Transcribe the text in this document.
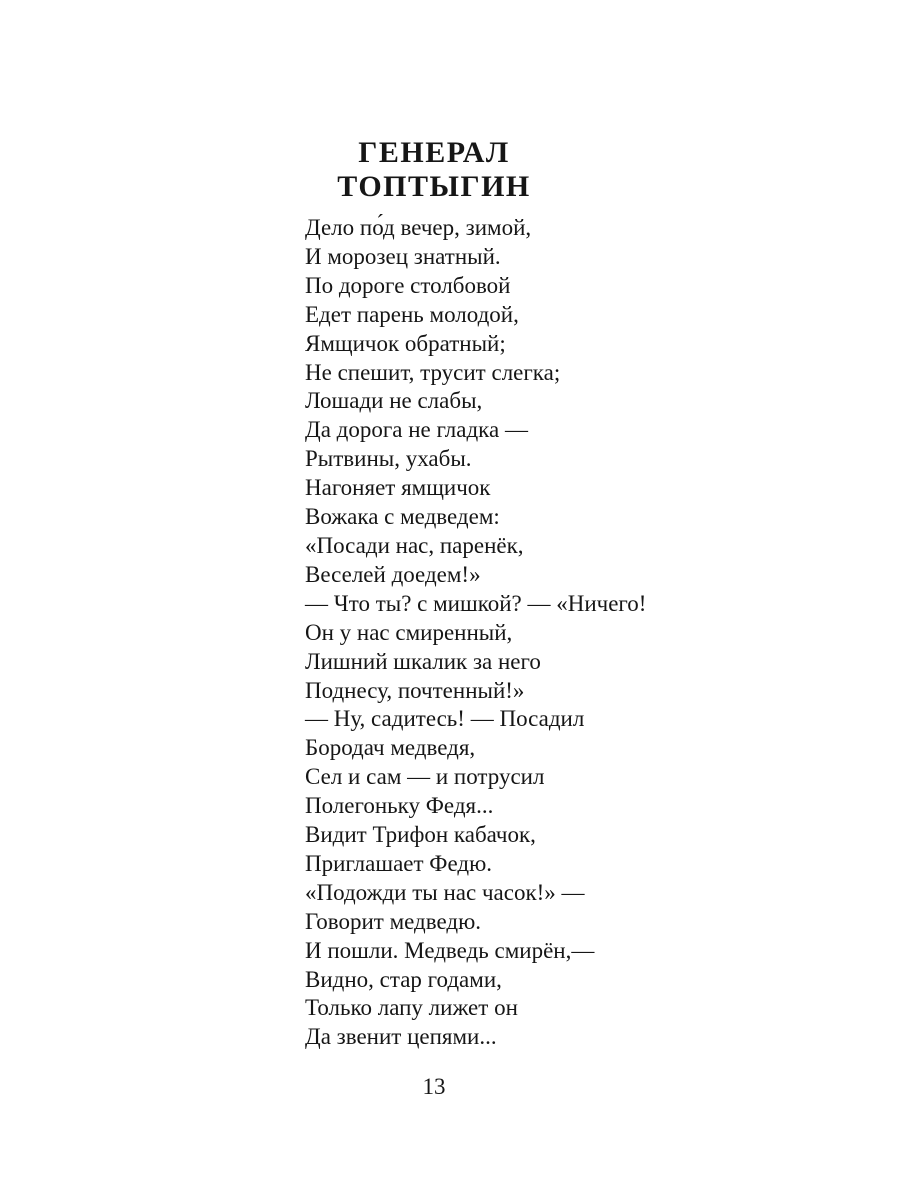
ГЕНЕРАЛ
ТОПТЫГИН
Дело по́д вечер, зимой,
И морозец знатный.
По дороге столбовой
Едет парень молодой,
Ямщичок обратный;
Не спешит, трусит слегка;
Лошади не слабы,
Да дорога не гладка —
Рытвины, ухабы.
Нагоняет ямщичок
Вожака с медведем:
«Посади нас, паренёк,
Веселей доедем!»
— Что ты? с мишкой? — «Ничего!
Он у нас смиренный,
Лишний шкалик за него
Поднесу, почтенный!»
— Ну, садитесь! — Посадил
Бородач медведя,
Сел и сам — и потрусил
Полегоньку Федя...
Видит Трифон кабачок,
Приглашает Федю.
«Подожди ты нас часок!» —
Говорит медведю.
И пошли. Медведь смирён,—
Видно, стар годами,
Только лапу лижет он
Да звенит цепями...
13
